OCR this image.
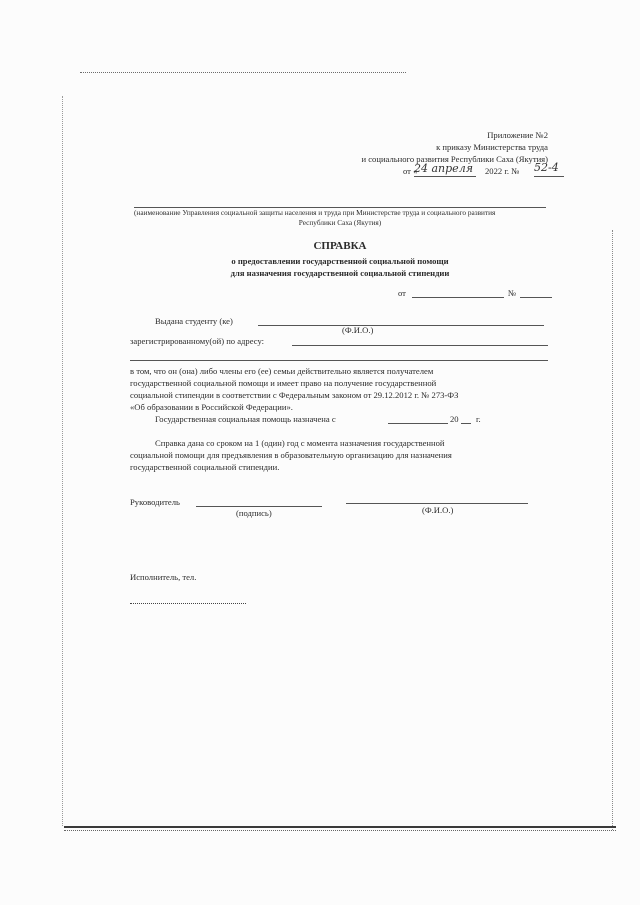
Приложение №2
к приказу Министерства труда
и социального развития Республики Саха (Якутия)
от «
24 апреля 2022 г. № 52-4
(наименование Управления социальной защиты населения и труда при Министерстве труда и социального развития
Республики Саха (Якутия)
СПРАВКА
о предоставлении государственной социальной помощи
для назначения государственной социальной стипендии
от	№
Выдана студенту (ке)
(Ф.И.О.)
зарегистрированному(ой) по адресу:
в том, что он (она) либо члены его (ее) семьи действительно является получателем
государственной социальной помощи и имеет право на получение государственной
социальной стипендии в соответствии с Федеральным законом от 29.12.2012 г. № 273-ФЗ
«Об образовании в Российской Федерации».
Государственная социальная помощь назначена с	20 г.
Справка дана со сроком на 1 (один) год с момента назначения государственной
социальной помощи для предъявления в образовательную организацию для назначения
государственной социальной стипендии.
Руководитель
(подпись)	(Ф.И.О.)
Исполнитель, тел.
